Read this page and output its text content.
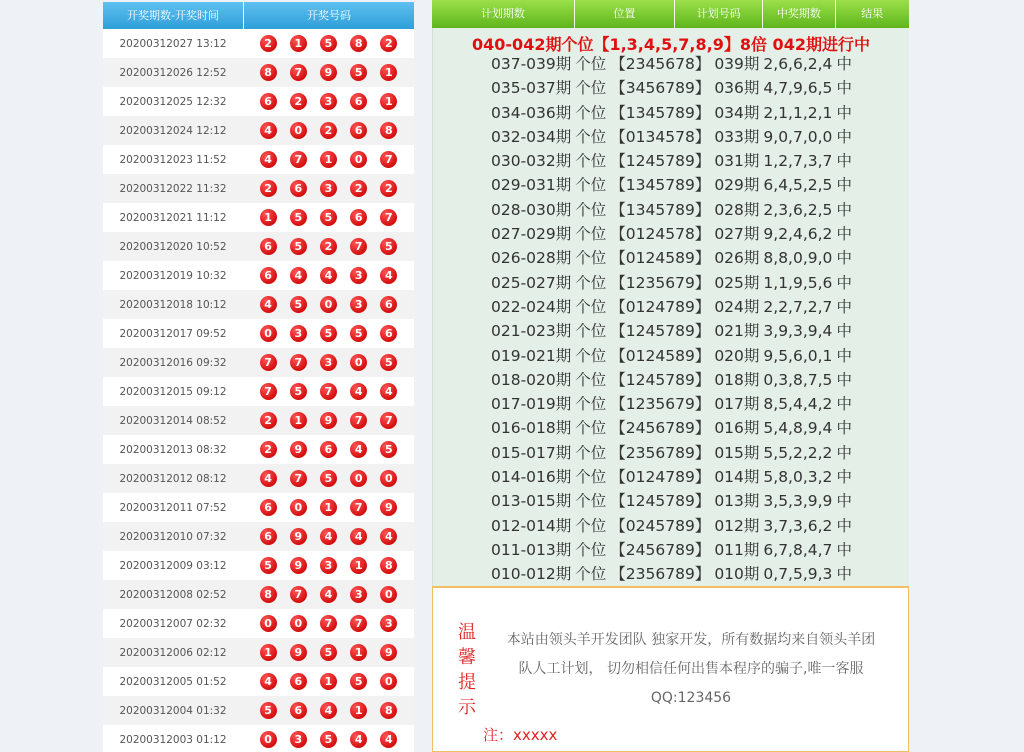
开奖期数-开奖时间	开奖号码
20200312027 13:12	2	1	5	8	2
20200312026 12:52	8	7	9	5	1
20200312025 12:32	6	2	3	6	1
20200312024 12:12	4	0	2	6	8
20200312023 11:52	4	7	1	0	7
20200312022 11:32	2	6	3	2	2
20200312021 11:12	1	5	5	6	7
20200312020 10:52	6	5	2	7	5
20200312019 10:32	6	4	4	3	4
20200312018 10:12	4	5	0	3	6
20200312017 09:52	0	3	5	5	6
20200312016 09:32	7	7	3	0	5
20200312015 09:12	7	5	7	4	4
20200312014 08:52	2	1	9	7	7
20200312013 08:32	2	9	6	4	5
20200312012 08:12	4	7	5	0	0
20200312011 07:52	6	0	1	7	9
20200312010 07:32	6	9	4	4	4
20200312009 03:12	5	9	3	1	8
20200312008 02:52	8	7	4	3	0
20200312007 02:32	0	0	7	7	3
20200312006 02:12	1	9	5	1	9
20200312005 01:52	4	6	1	5	0
20200312004 01:32	5	6	4	1	8
20200312003 01:12	0	3	5	4	4
计划期数	位置	计划号码	中奖期数	结果
040-042期个位【1,3,4,5,7,8,9】8倍 042期进行中
037-039期 个位 【2345678】 039期 2,6,6,2,4 中
035-037期 个位 【3456789】 036期 4,7,9,6,5 中
034-036期 个位 【1345789】 034期 2,1,1,2,1 中
032-034期 个位 【0134578】 033期 9,0,7,0,0 中
030-032期 个位 【1245789】 031期 1,2,7,3,7 中
029-031期 个位 【1345789】 029期 6,4,5,2,5 中
028-030期 个位 【1345789】 028期 2,3,6,2,5 中
027-029期 个位 【0124578】 027期 9,2,4,6,2 中
026-028期 个位 【0124589】 026期 8,8,0,9,0 中
025-027期 个位 【1235679】 025期 1,1,9,5,6 中
022-024期 个位 【0124789】 024期 2,2,7,2,7 中
021-023期 个位 【1245789】 021期 3,9,3,9,4 中
019-021期 个位 【0124589】 020期 9,5,6,0,1 中
018-020期 个位 【1245789】 018期 0,3,8,7,5 中
017-019期 个位 【1235679】 017期 8,5,4,4,2 中
016-018期 个位 【2456789】 016期 5,4,8,9,4 中
015-017期 个位 【2356789】 015期 5,5,2,2,2 中
014-016期 个位 【0124789】 014期 5,8,0,3,2 中
013-015期 个位 【1245789】 013期 3,5,3,9,9 中
012-014期 个位 【0245789】 012期 3,7,3,6,2 中
011-013期 个位 【2456789】 011期 6,7,8,4,7 中
010-012期 个位 【2356789】 010期 0,7,5,9,3 中
温
馨
提
示
本站由领头羊开发团队 独家开发，所有数据均来自领头羊团
队人工计划， 切勿相信任何出售本程序的骗子,唯一客服
QQ:123456
注：xxxxx
